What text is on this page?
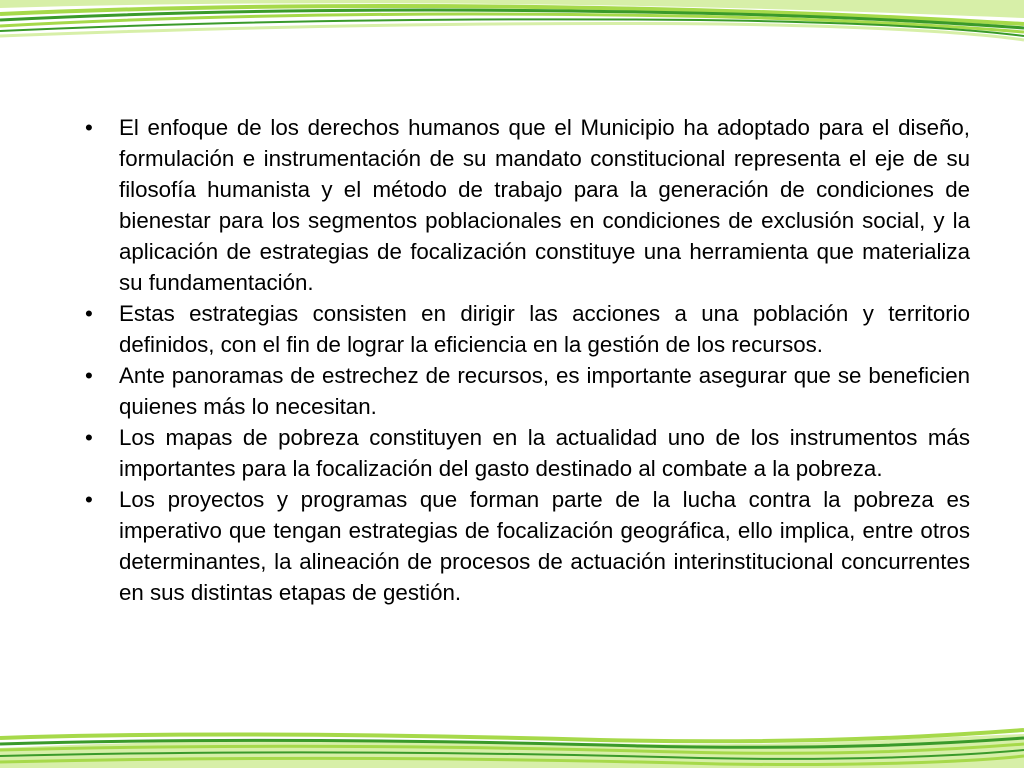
• El enfoque de los derechos humanos que el Municipio ha adoptado para el diseño, formulación e instrumentación de su mandato constitucional representa el eje de su filosofía humanista y el método de trabajo para la generación de condiciones de bienestar para los segmentos poblacionales en condiciones de exclusión social, y la aplicación de estrategias de focalización constituye una herramienta que materializa su fundamentación.
• Estas estrategias consisten en dirigir las acciones a una población y territorio definidos, con el fin de lograr la eficiencia en la gestión de los recursos.
• Ante panoramas de estrechez de recursos, es importante asegurar que se beneficien quienes más lo necesitan.
• Los mapas de pobreza constituyen en la actualidad uno de los instrumentos más importantes para la focalización del gasto destinado al combate a la pobreza.
• Los proyectos y programas que forman parte de la lucha contra la pobreza es imperativo que tengan estrategias de focalización geográfica, ello implica, entre otros determinantes, la alineación de procesos de actuación interinstitucional concurrentes en sus distintas etapas de gestión.
